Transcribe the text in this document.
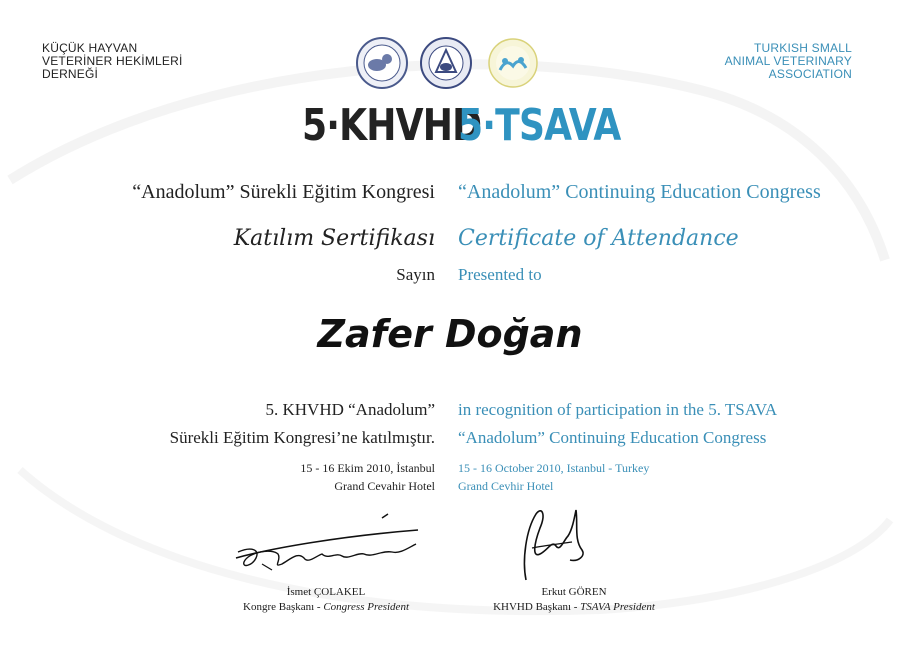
KÜÇÜK HAYVAN
VETERİNER HEKİMLERİ
DERNEĞİ
TURKISH SMALL
ANIMAL VETERINARY
ASSOCIATION
5·KHVHD
5·TSAVA
“Anadolum” Sürekli Eğitim Kongresi “Anadolum” Continuing Education Congress
Katılım Sertifikası Certificate of Attendance
Sayın Presented to
Zafer Doğan
5. KHVHD “Anadolum” in recognition of participation in the 5. TSAVA
Sürekli Eğitim Kongresi’ne katılmıştır. “Anadolum” Continuing Education Congress
15 - 16 Ekim 2010, İstanbul 15 - 16 October 2010, Istanbul - Turkey
Grand Cevahir Hotel Grand Cevhir Hotel
İsmet ÇOLAKEL
Kongre Başkanı - Congress President
Erkut GÖREN
KHVHD Başkanı - TSAVA President
